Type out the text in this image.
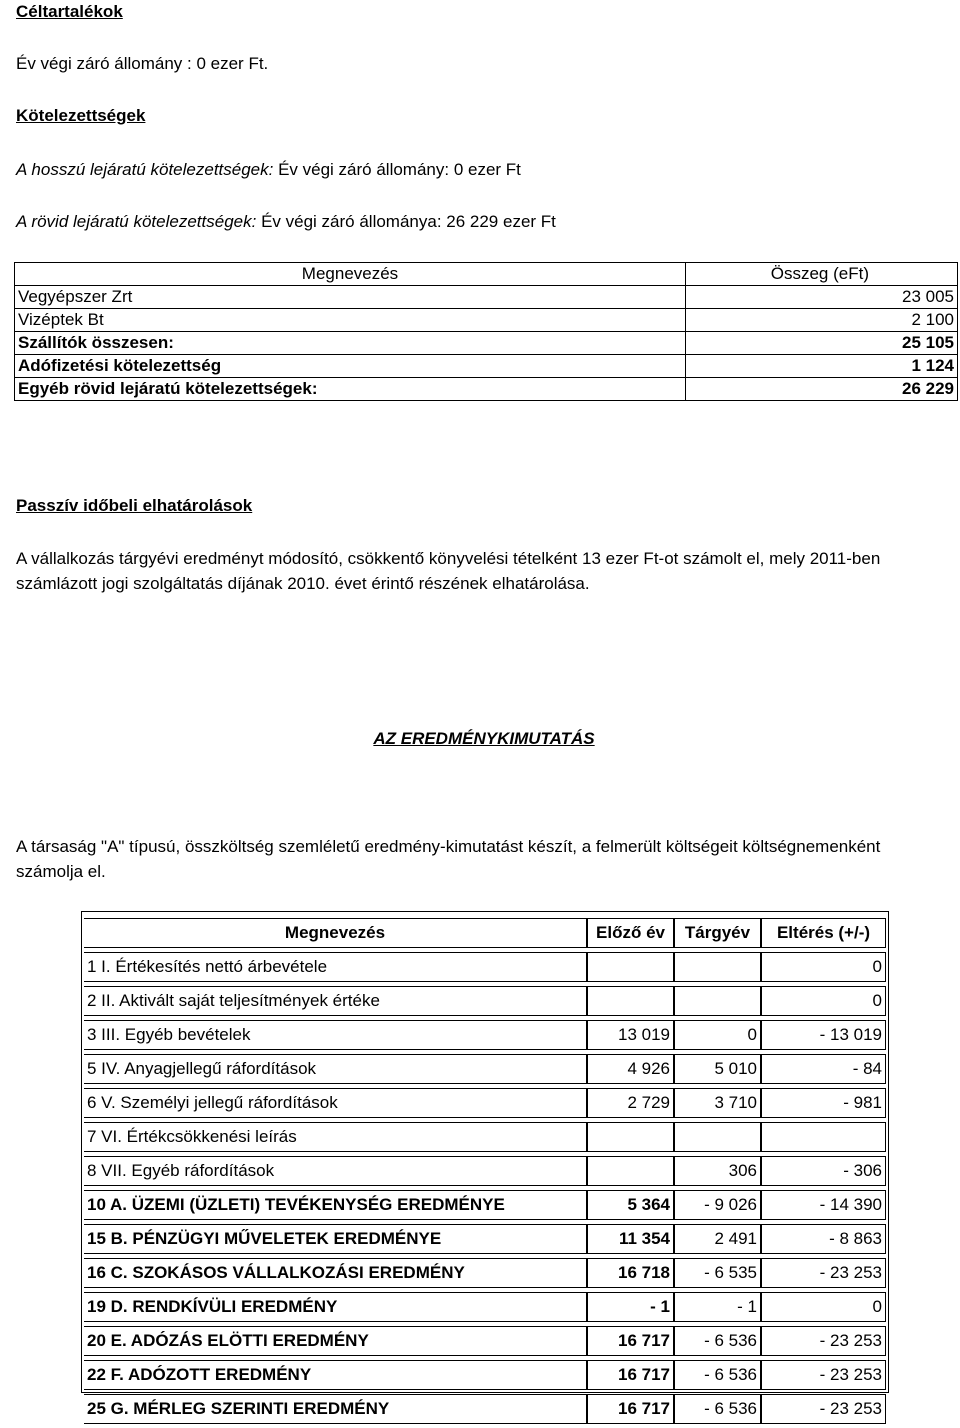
Céltartalékok
Év végi záró állomány : 0 ezer Ft.
Kötelezettségek
A hosszú lejáratú kötelezettségek: Év végi záró állomány: 0 ezer Ft
A rövid lejáratú kötelezettségek: Év végi záró állománya: 26 229 ezer Ft
Megnevezés	Összeg (eFt)
Vegyépszer Zrt	23 005
Vizéptek Bt	2 100
Szállítók összesen:	25 105
Adófizetési kötelezettség	1 124
Egyéb rövid lejáratú kötelezettségek:	26 229
Passzív időbeli elhatárolások
A vállalkozás tárgyévi eredményt módosító, csökkentő könyvelési tételként 13 ezer Ft-ot számolt el, mely 2011-ben számlázott jogi szolgáltatás díjának 2010. évet érintő részének elhatárolása.
AZ EREDMÉNYKIMUTATÁS
A társaság "A" típusú, összköltség szemléletű eredmény-kimutatást készít, a felmerült költségeit költségnemenként számolja el.
Megnevezés	Előző év	Tárgyév	Eltérés (+/-)
1 I. Értékesítés nettó árbevétele			0
2 II. Aktivált saját teljesítmények értéke			0
3 III. Egyéb bevételek	13 019	0	- 13 019
5 IV. Anyagjellegű ráfordítások	4 926	5 010	- 84
6 V. Személyi jellegű ráfordítások	2 729	3 710	- 981
7 VI. Értékcsökkenési leírás			
8 VII. Egyéb ráfordítások		306	- 306
10 A. ÜZEMI (ÜZLETI) TEVÉKENYSÉG EREDMÉNYE	5 364	- 9 026	- 14 390
15 B. PÉNZÜGYI MŰVELETEK EREDMÉNYE	11 354	2 491	- 8 863
16 C. SZOKÁSOS VÁLLALKOZÁSI EREDMÉNY	16 718	- 6 535	- 23 253
19 D. RENDKÍVÜLI EREDMÉNY	- 1	- 1	0
20 E. ADÓZÁS ELÖTTI EREDMÉNY	16 717	- 6 536	- 23 253
22 F. ADÓZOTT EREDMÉNY	16 717	- 6 536	- 23 253
25 G. MÉRLEG SZERINTI EREDMÉNY	16 717	- 6 536	- 23 253
